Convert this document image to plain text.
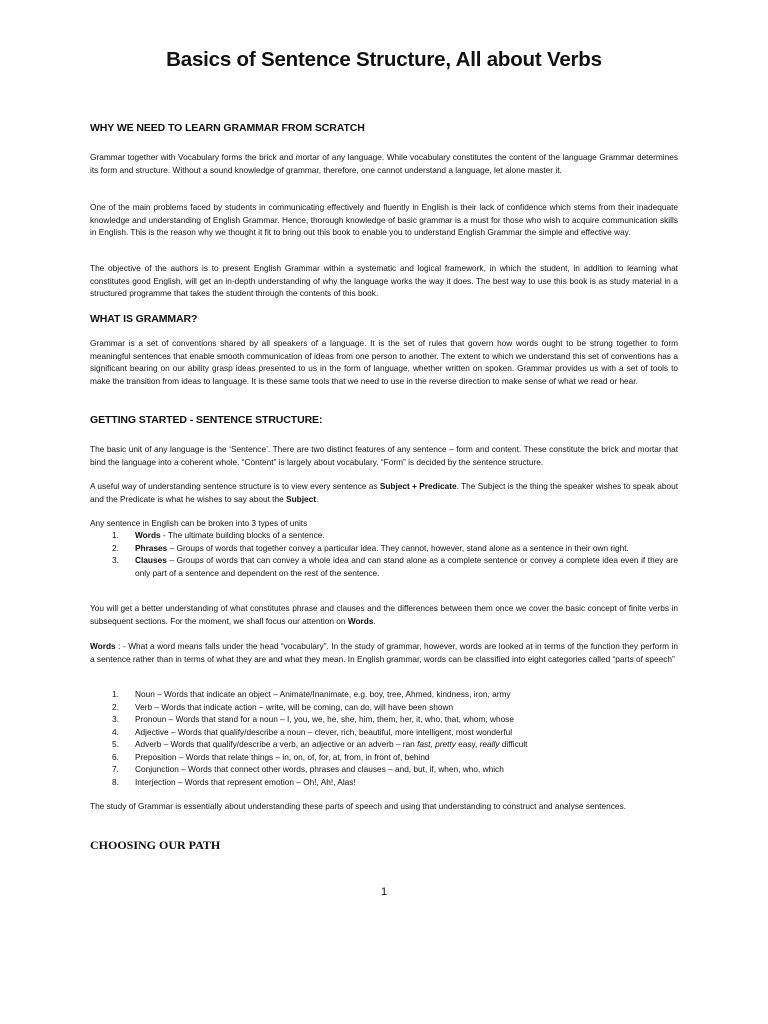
Basics of Sentence Structure, All about Verbs
WHY WE NEED TO LEARN GRAMMAR FROM SCRATCH

Grammar together with Vocabulary forms the brick and mortar of any language. While vocabulary constitutes the content of the language Grammar determines its form and structure. Without a sound knowledge of grammar, therefore, one cannot understand a language, let alone master it.

One of the main problems faced by students in communicating effectively and fluently in English is their lack of confidence which stems from their inadequate knowledge and understanding of English Grammar. Hence, thorough knowledge of basic grammar is a must for those who wish to acquire communication skills in English. This is the reason why we thought it fit to bring out this book to enable you to understand English Grammar the simple and effective way.

The objective of the authors is to present English Grammar within a systematic and logical framework, in which the student, in addition to learning what constitutes good English, will get an in-depth understanding of why the language works the way it does. The best way to use this book is as study material in a structured programme that takes the student through the contents of this book.

WHAT IS GRAMMAR?

Grammar is a set of conventions shared by all speakers of a language. It is the set of rules that govern how words ought to be strung together to form meaningful sentences that enable smooth communication of ideas from one person to another. The extent to which we understand this set of conventions has a significant bearing on our ability grasp ideas presented to us in the form of language, whether written on spoken. Grammar provides us with a set of tools to make the transition from ideas to language. It is these same tools that we need to use in the reverse direction to make sense of what we read or hear.

GETTING STARTED - SENTENCE STRUCTURE:

The basic unit of any language is the ‘Sentence’. There are two distinct features of any sentence – form and content. These constitute the brick and mortar that bind the language into a coherent whole. “Content” is largely about vocabulary. “Form” is decided by the sentence structure.

A useful way of understanding sentence structure is to view every sentence as Subject + Predicate. The Subject is the thing the speaker wishes to speak about and the Predicate is what he wishes to say about the Subject.

Any sentence in English can be broken into 3 types of units

1. Words - The ultimate building blocks of a sentence.
2. Phrases – Groups of words that together convey a particular idea. They cannot, however, stand alone as a sentence in their own right.
3. Clauses – Groups of words that can convey a whole idea and can stand alone as a complete sentence or convey a complete idea even if they are only part of a sentence and dependent on the rest of the sentence.

You will get a better understanding of what constitutes phrase and clauses and the differences between them once we cover the basic concept of finite verbs in subsequent sections. For the moment, we shall focus our attention on Words.

Words : - What a word means falls under the head “vocabulary”. In the study of grammar, however, words are looked at in terms of the function they perform in a sentence rather than in terms of what they are and what they mean. In English grammar, words can be classified into eight categories called “parts of speech”

1. Noun – Words that indicate an object – Animate/Inanimate, e.g. boy, tree, Ahmed, kindness, iron, army
2. Verb – Words that indicate action – write, will be coming, can do, will have been shown
3. Pronoun – Words that stand for a noun – I, you, we, he, she, him, them, her, it, who, that, whom, whose
4. Adjective – Words that qualify/describe a noun – clever, rich, beautiful, more intelligent, most wonderful
5. Adverb – Words that qualify/describe a verb, an adjective or an adverb – ran fast, pretty easy, really difficult
6. Preposition – Words that relate things – in, on, of, for, at, from, in front of, behind
7. Conjunction – Words that connect other words, phrases and clauses – and, but, if, when, who, which
8. Interjection – Words that represent emotion – Oh!, Ah!, Alas!

The study of Grammar is essentially about understanding these parts of speech and using that understanding to construct and analyse sentences.

CHOOSING OUR PATH
1
